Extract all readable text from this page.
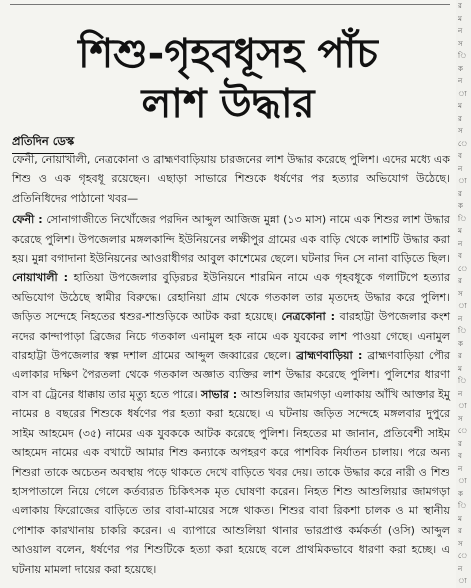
শিশু-গৃহবধূসহ পাঁচ
লাশ উদ্ধার
প্রতিদিন ডেস্ক

ফেনী, নোয়াখালী, নেত্রকোনা ও ব্রাহ্মণবাড়িয়ায় চারজনের লাশ উদ্ধার করেছে পুলিশ। এদের মধ্যে এক শিশু ও এক গৃহবধূ রয়েছেন। এছাড়া সাভারে শিশুকে ধর্ষণের পর হত্যার অভিযোগ উঠেছে। প্রতিনিধিদের পাঠানো খবর—

ফেনী : সোনাগাজীতে নিখোঁজের পরদিন আব্দুল আজিজ মুন্না (১৩ মাস) নামে এক শিশুর লাশ উদ্ধার করেছে পুলিশ। উপজেলার মঙ্গলকান্দি ইউনিয়নের লক্ষীপুর গ্রামের এক বাড়ি থেকে লাশটি উদ্ধার করা হয়। মুন্না বগাদানা ইউনিয়নের আওরাধীগর আবুল কাশেমের ছেলে। ঘটনার দিন সে নানা বাড়িতে ছিল। নোয়াখালী : হাতিয়া উপজেলার বুড়িরচর ইউনিয়নে শারমিন নামে এক গৃহবধূকে গলাটিপে হত্যার অভিযোগ উঠেছে স্বামীর বিরুদ্ধে। রেহানিয়া গ্রাম থেকে গতকাল তার মৃতদেহ উদ্ধার করে পুলিশ। জড়িত সন্দেহে নিহতের শ্বশুর-শাশুড়িকে আটক করা হয়েছে। নেত্রকোনা : বারহাট্টা উপজেলার কংশ নদের কান্দাপাড়া ব্রিজের নিচে গতকাল এনামুল হক নামে এক যুবকের লাশ পাওয়া গেছে। এনামুল বারহাট্টা উপজেলার স্বল্প দশাল গ্রামের আব্দুল জব্বারের ছেলে। ব্রাহ্মণবাড়িয়া : ব্রাহ্মণবাড়িয়া পৌর এলাকার দক্ষিণ পৈরতলা থেকে গতকাল অজ্ঞাত ব্যক্তির লাশ উদ্ধার করেছে পুলিশ। পুলিশের ধারণা বাস বা ট্রেনের ধাক্কায় তার মৃত্যু হতে পারে। সাভার : আশুলিয়ার জামগড়া এলাকায় আঁখি আক্তার ইমু নামের ৪ বছরের শিশুকে ধর্ষণের পর হত্যা করা হয়েছে। এ ঘটনায় জড়িত সন্দেহে মঙ্গলবার দুপুরে সাইম আহমেদ (৩৫) নামের এক যুবককে আটক করেছে পুলিশ। নিহতের মা জানান, প্রতিবেশী সাইম আহমেদ নামের এক বখাটে আমার শিশু কন্যাকে অপহরণ করে পাশবিক নির্যাতন চালায়। পরে অন্য শিশুরা তাকে অচেতন অবস্থায় পড়ে থাকতে দেখে বাড়িতে খবর দেয়। তাকে উদ্ধার করে নারী ও শিশু হাসপাতালে নিয়ে গেলে কর্তব্যরত চিকিৎসক মৃত ঘোষণা করেন। নিহত শিশু আশুলিয়ার জামগড়া এলাকায় ফিরোজের বাড়িতে তার বাবা-মায়ের সঙ্গে থাকত। শিশুর বাবা রিকশা চালক ও মা স্থানীয় পোশাক কারখানায় চাকরি করেন। এ ব্যাপারে আশুলিয়া থানার ভারপ্রাপ্ত কর্মকর্তা (ওসি) আব্দুল আওয়াল বলেন, ধর্ষণের পর শিশুটিকে হত্যা করা হয়েছে বলে প্রাথমিকভাবে ধারণা করা হচ্ছে। এ ঘটনায় মামলা দায়ের করা হয়েছে।

র
ম
ন
স
ি
ক
ন
া
ম
র
স
ে
ব
ন
া
র
ক
ি
ম
ন
ব
ে
র
স
া
ন
ি
ক
র
ম
ি
ন
া
স
ে
র
ব
ন
া
ক
ি
ম
র
স
ে
ন
া
